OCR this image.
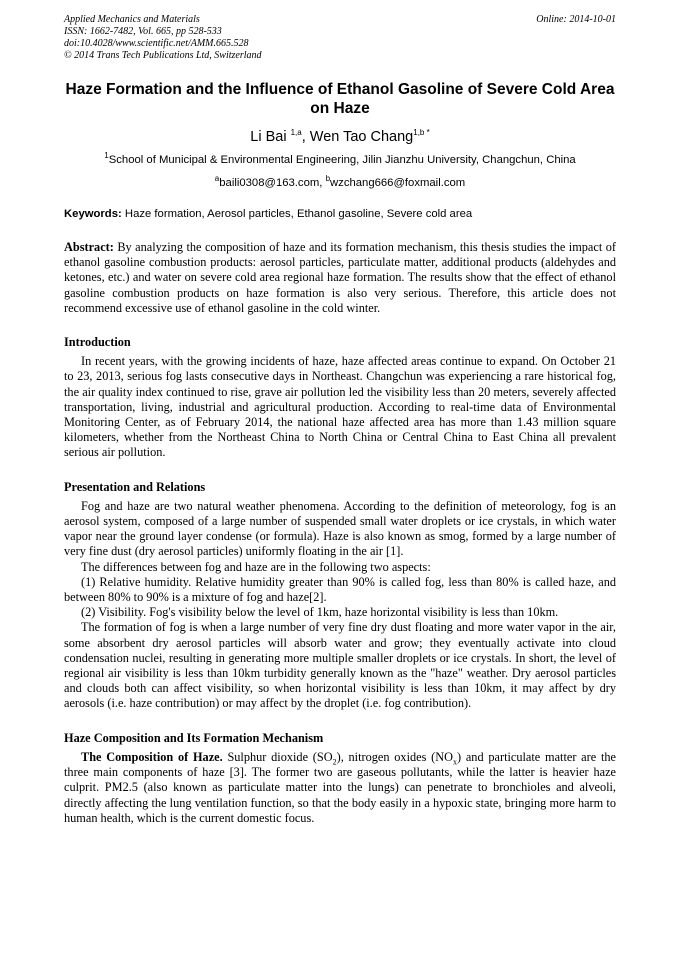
Applied Mechanics and Materials
ISSN: 1662-7482, Vol. 665, pp 528-533
doi:10.4028/www.scientific.net/AMM.665.528
© 2014 Trans Tech Publications Ltd, Switzerland
Online: 2014-10-01
Haze Formation and the Influence of Ethanol Gasoline of Severe Cold Area on Haze
Li Bai $^{1,a}$, Wen Tao Chang$^{1,b *}$
$^1$School of Municipal & Environmental Engineering, Jilin Jianzhu University, Changchun, China
$^a$baili0308@163.com, $^b$wzchang666@foxmail.com
Keywords: Haze formation, Aerosol particles, Ethanol gasoline, Severe cold area

Abstract: By analyzing the composition of haze and its formation mechanism, this thesis studies the impact of ethanol gasoline combustion products: aerosol particles, particulate matter, additional products (aldehydes and ketones, etc.) and water on severe cold area regional haze formation. The results show that the effect of ethanol gasoline combustion products on haze formation is also very serious. Therefore, this article does not recommend excessive use of ethanol gasoline in the cold winter.

Introduction

In recent years, with the growing incidents of haze, haze affected areas continue to expand. On October 21 to 23, 2013, serious fog lasts consecutive days in Northeast. Changchun was experiencing a rare historical fog, the air quality index continued to rise, grave air pollution led the visibility less than 20 meters, severely affected transportation, living, industrial and agricultural production. According to real-time data of Environmental Monitoring Center, as of February 2014, the national haze affected area has more than 1.43 million square kilometers, whether from the Northeast China to North China or Central China to East China all prevalent serious air pollution.

Presentation and Relations

Fog and haze are two natural weather phenomena. According to the definition of meteorology, fog is an aerosol system, composed of a large number of suspended small water droplets or ice crystals, in which water vapor near the ground layer condense (or formula). Haze is also known as smog, formed by a large number of very fine dust (dry aerosol particles) uniformly floating in the air [1].

The differences between fog and haze are in the following two aspects:

(1) Relative humidity. Relative humidity greater than 90% is called fog, less than 80% is called haze, and between 80% to 90% is a mixture of fog and haze[2].

(2) Visibility. Fog's visibility below the level of 1km, haze horizontal visibility is less than 10km.

The formation of fog is when a large number of very fine dry dust floating and more water vapor in the air, some absorbent dry aerosol particles will absorb water and grow; they eventually activate into cloud condensation nuclei, resulting in generating more multiple smaller droplets or ice crystals. In short, the level of regional air visibility is less than 10km turbidity generally known as the "haze" weather. Dry aerosol particles and clouds both can affect visibility, so when horizontal visibility is less than 10km, it may affect by dry aerosols (i.e. haze contribution) or may affect by the droplet (i.e. fog contribution).

Haze Composition and Its Formation Mechanism

The Composition of Haze. Sulphur dioxide $(SO_2)$, nitrogen oxides $(NO_x)$ and particulate matter are the three main components of haze [3]. The former two are gaseous pollutants, while the latter is heavier haze culprit. PM2.5 (also known as particulate matter into the lungs) can penetrate to bronchioles and alveoli, directly affecting the lung ventilation function, so that the body easily in a hypoxic state, bringing more harm to human health, which is the current domestic focus.
